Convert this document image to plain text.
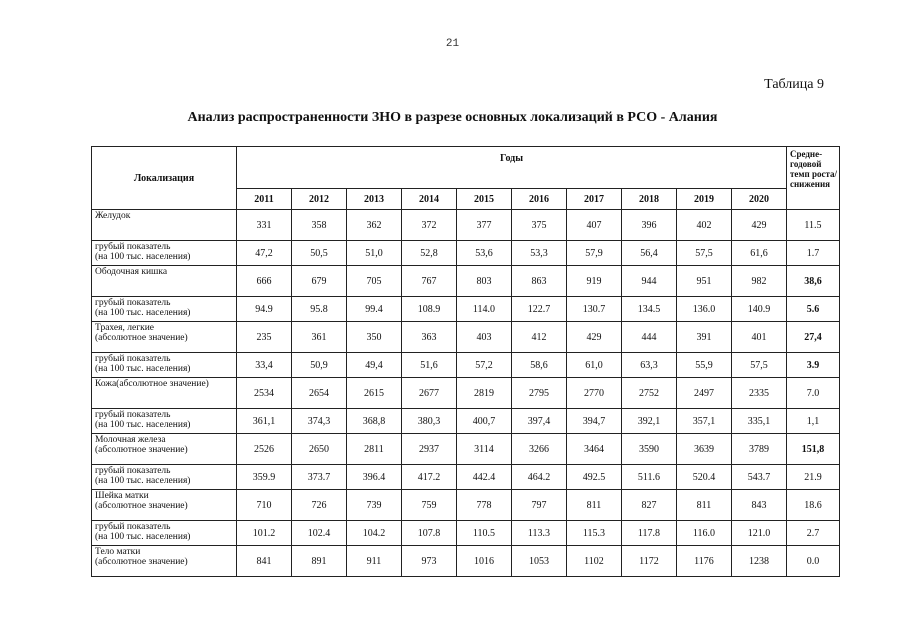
21
Таблица 9
Анализ распространенности ЗНО в разрезе основных локализаций в РСО - Алания
Локализация	Годы										Средне-годовой темп роста/ снижения
	2011	2012	2013	2014	2015	2016	2017	2018	2019	2020	

Желудок	331	358	362	372	377	375	407	396	402	429	11.5

грубый показатель
(на 100 тыс. населения)	47,2	50,5	51,0	52,8	53,6	53,3	57,9	56,4	57,5	61,6	1.7

Ободочная кишка	666	679	705	767	803	863	919	944	951	982	38,6

грубый показатель
(на 100 тыс. населения)	94.9	95.8	99.4	108.9	114.0	122.7	130.7	134.5	136.0	140.9	5.6

Трахея, легкие
(абсолютное значение)	235	361	350	363	403	412	429	444	391	401	27,4

грубый показатель
(на 100 тыс. населения)	33,4	50,9	49,4	51,6	57,2	58,6	61,0	63,3	55,9	57,5	3.9

Кожа(абсолютное значение)	2534	2654	2615	2677	2819	2795	2770	2752	2497	2335	7.0

грубый показатель
(на 100 тыс. населения)	361,1	374,3	368,8	380,3	400,7	397,4	394,7	392,1	357,1	335,1	1,1

Молочная железа
(абсолютное значение)	2526	2650	2811	2937	3114	3266	3464	3590	3639	3789	151,8

грубый показатель
(на 100 тыс. населения)	359.9	373.7	396.4	417.2	442.4	464.2	492.5	511.6	520.4	543.7	21.9

Шейка матки
(абсолютное значение)	710	726	739	759	778	797	811	827	811	843	18.6

грубый показатель
(на 100 тыс. населения)	101.2	102.4	104.2	107.8	110.5	113.3	115.3	117.8	116.0	121.0	2.7

Тело матки
(абсолютное значение)	841	891	911	973	1016	1053	1102	1172	1176	1238	0.0
